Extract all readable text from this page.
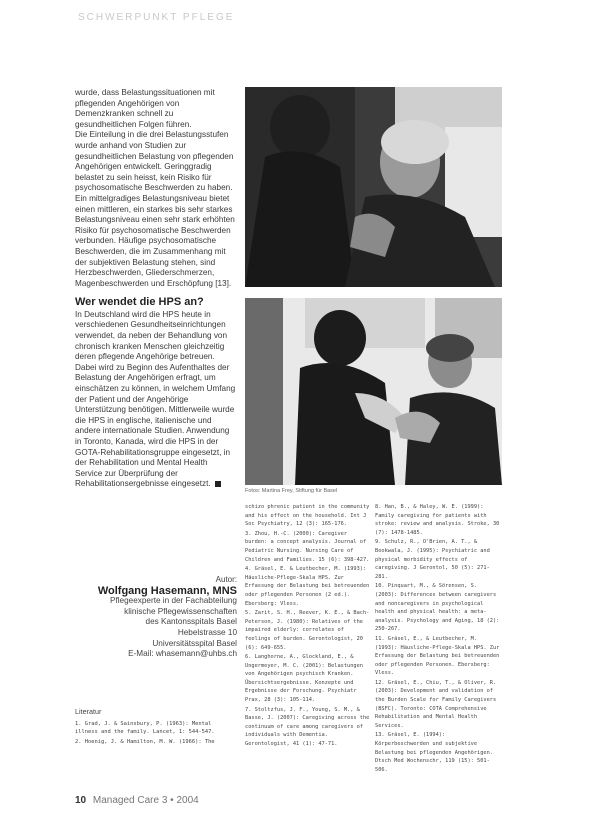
SCHWERPUNKT PFLEGE

wurde, dass Belastungssituationen mit pflegenden Angehörigen von Demenzkranken schnell zu gesundheitlichen Folgen führen.

Die Einteilung in die drei Belastungsstufen wurde anhand von Studien zur gesundheitlichen Belastung von pflegenden Angehörigen entwickelt. Geringgradig belastet zu sein heisst, kein Risiko für psychosomatische Beschwerden zu haben. Ein mittelgradiges Belastungsniveau bietet einen mittleren, ein starkes bis sehr starkes Belastungsniveau einen sehr stark erhöhten Risiko für psychosomatische Beschwerden verbunden. Häufige psychosomatische Beschwerden, die im Zusammenhang mit der subjektiven Belastung stehen, sind Herzbeschwerden, Gliederschmerzen, Magenbeschwerden und Erschöpfung [13].

Wer wendet die HPS an?

In Deutschland wird die HPS heute in verschiedenen Gesundheitseinrichtungen verwendet, da neben der Behandlung von chronisch kranken Menschen gleichzeitig deren pflegende Angehörige betreuen. Dabei wird zu Beginn des Aufenthaltes der Belastung der Angehörigen erfragt, um einschätzen zu können, in welchem Umfang der Patient und der Angehörige Unterstützung benötigen. Mittlerweile wurde die HPS in englische, italienische und andere internationale Studien. Anwendung in Toronto, Kanada, wird die HPS in der GOTA-Rehabilitationsgruppe eingesetzt, in der Rehabilitation und Mental Health Service zur Überprüfung der Rehabilitationsergebnisse eingesetzt.

Autor:
Wolfgang Hasemann, MNS
Pflegeexperte in der Fachabteilung
klinische Pflegewissenschaften
des Kantonsspitals Basel
Hebelstrasse 10
Universitätsspital Basel
E-Mail: whasemann@uhbs.ch
Literatur

1. Grad, J. & Sainsbury, P. (1963): Mental illness and the family. Lancet, 1: 544-547.

2. Hoenig, J. & Hamilton, M. W. (1966): The

Fotos: Martina Frey, Stiftung für Basel

schizo phrenic patient in the community and his effect on the household. Int J Soc Psychiatry, 12 (3): 165-176.

3. Zhou, H.-C. (2000): Caregiver burden: a concept analysis. Journal of Pediatric Nursing. Nursing Care of Children and Families. 15 (6): 398-427.

4. Gräsel, E. & Leutbecher, M. (1993): Häusliche-Pflege-Skala HPS. Zur Erfassung der Belastung bei betreuenden oder pflegenden Personen (2 ed.). Ebersberg: Vless.

5. Zarit, S. H., Reever, K. E., & Bach-Peterson, J. (1980): Relatives of the impaired elderly: correlates of feelings of burden. Gerontologist, 20 (6): 649-655.

6. Langhorne, A., Glockland, E., & Ungermeyer, M. C. (2001): Belastungen von Angehörigen psychisch Kranken. Übersichtsergebnisse. Konzepte und Ergebnisse der Forschung. Psychiatr Prax, 28 (3): 105-114.

7. Stoltzfus, J. F., Young, S. M., & Basse, J. (2007): Caregiving across the continuum of care among caregivers of individuals with Dementia. Gerontologist, 41 (1): 47-71.

8. Han, B., & Haley, W. E. (1999): Family caregiving for patients with stroke: review and analysis. Stroke, 30 (7): 1478-1485.

9. Schulz, R., O'Brien, A. T., & Bookwala, J. (1995): Psychiatric and physical morbidity effects of caregiving. J Gerontol, 50 (5): 271-281.

10. Pinquart, M., & Sörensen, S. (2003): Differences between caregivers and noncaregivers in psychological health and physical health: a meta-analysis. Psychology and Aging, 18 (2): 250-267.

11. Gräsel, E., & Leutbecher, M. (1993): Häusliche-Pflege-Skala HPS. Zur Erfassung der Belastung bei betreuenden oder pflegenden Personen. Ebersberg: Vless.

12. Gräsel, E., Chiu, T., & Oliver, R. (2003): Development and validation of the Burden Scale for Family Caregivers (BSFC). Toronto: COTA Comprehensive Rehabilitation and Mental Health Services.

13. Gräsel, E. (1994): Körperbeschwerden und subjektive Belastung bei pflegenden Angehörigen. Dtsch Med Wochenschr, 119 (15): 501-506.

10 Managed Care 3 • 2004
